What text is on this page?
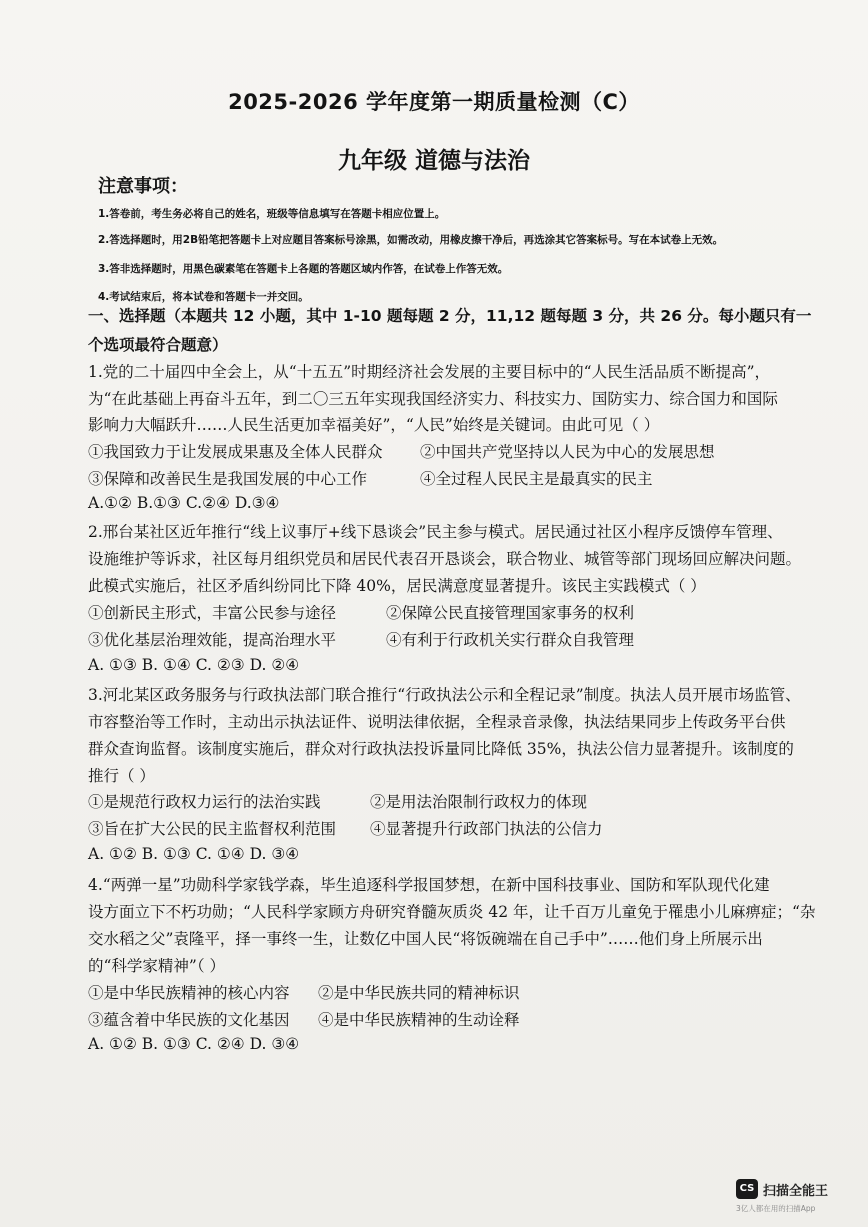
2025-2026 学年度第一期质量检测（C）
九年级 道德与法治
注意事项：
1.答卷前，考生务必将自己的姓名，班级等信息填写在答题卡相应位置上。
2.答选择题时，用2B铅笔把答题卡上对应题目答案标号涂黑，如需改动，用橡皮擦干净后，再选涂其它答案标号。写在本试卷上无效。
3.答非选择题时，用黑色碳素笔在答题卡上各题的答题区域内作答，在试卷上作答无效。
4.考试结束后，将本试卷和答题卡一并交回。
一、选择题（本题共 12 小题，其中 1-10 题每题 2 分，11,12 题每题 3 分，共 26 分。每小题只有一
个选项最符合题意）
1.党的二十届四中全会上，从“十五五”时期经济社会发展的主要目标中的“人民生活品质不断提高”，
为“在此基础上再奋斗五年，到二〇三五年实现我国经济实力、科技实力、国防实力、综合国力和国际
影响力大幅跃升……人民生活更加幸福美好”，“人民”始终是关键词。由此可见（ ）
①我国致力于让发展成果惠及全体人民群众 ②中国共产党坚持以人民为中心的发展思想
③保障和改善民生是我国发展的中心工作	④全过程人民民主是最真实的民主
A.①② B.①③ C.②④ D.③④
2.邢台某社区近年推行“线上议事厅+线下恳谈会”民主参与模式。居民通过社区小程序反馈停车管理、
设施维护等诉求，社区每月组织党员和居民代表召开恳谈会，联合物业、城管等部门现场回应解决问题。
此模式实施后，社区矛盾纠纷同比下降 40%，居民满意度显著提升。该民主实践模式（ ）
①创新民主形式，丰富公民参与途径	②保障公民直接管理国家事务的权利
③优化基层治理效能，提高治理水平	④有利于行政机关实行群众自我管理
A. ①③ B. ①④ C. ②③ D. ②④
3.河北某区政务服务与行政执法部门联合推行“行政执法公示和全程记录”制度。执法人员开展市场监管、
市容整治等工作时，主动出示执法证件、说明法律依据，全程录音录像，执法结果同步上传政务平台供
群众查询监督。该制度实施后，群众对行政执法投诉量同比降低 35%，执法公信力显著提升。该制度的
推行（ ）
①是规范行政权力运行的法治实践	②是用法治限制行政权力的体现
③旨在扩大公民的民主监督权利范围 ④显著提升行政部门执法的公信力
A. ①② B. ①③ C. ①④ D. ③④
4.“两弹一星”功勋科学家钱学森，毕生追逐科学报国梦想，在新中国科技事业、国防和军队现代化建
设方面立下不朽功勋；“人民科学家顾方舟研究脊髓灰质炎 42 年，让千百万儿童免于罹患小儿麻痹症；“杂
交水稻之父”袁隆平，择一事终一生，让数亿中国人民“将饭碗端在自己手中”……他们身上所展示出
的“科学家精神”（ ）
①是中华民族精神的核心内容 ②是中华民族共同的精神标识
③蕴含着中华民族的文化基因 ④是中华民族精神的生动诠释
A. ①② B. ①③ C. ②④ D. ③④
CS 扫描全能王
3亿人都在用的扫描App
